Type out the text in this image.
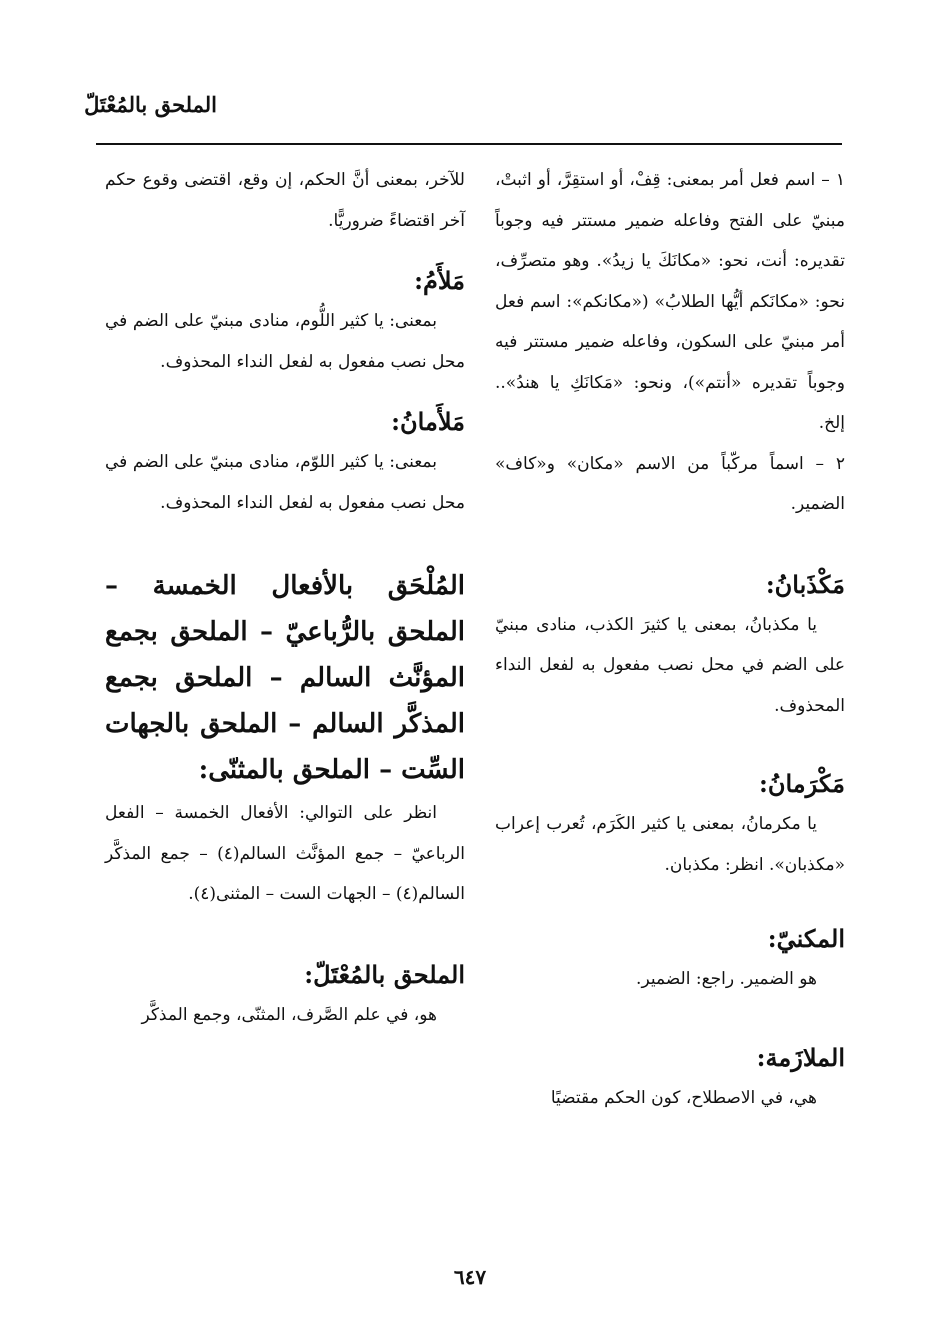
الملحق بالمُعْتَلّ

١ – اسم فعل أمر بمعنى: قِفْ، أو استقِرَّ، أو اثبتْ، مبنيّ على الفتح وفاعله ضمير مستتر فيه وجوباً تقديره: أنت، نحو: «مكانَكَ يا زيدُ». وهو متصرِّف، نحو: «مكانَكم أيُّها الطلابُ» («مكانكم»: اسم فعل أمر مبنيّ على السكون، وفاعله ضمير مستتر فيه وجوباً تقديره «أنتم»)، ونحو: «مَكانَكِ يا هندُ».. إلخ.

٢ – اسماً مركّباً من الاسم «مكان» و«كاف» الضمير.

مَكْذَبانُ:

يا مكذبانُ، بمعنى يا كثيرَ الكذب، منادى مبنيّ على الضم في محل نصب مفعول به لفعل النداء المحذوف.

مَكْرَمانُ:

يا مكرمانُ، بمعنى يا كثير الكَرَم، تُعرب إعراب «مكذبان». انظر: مكذبان.

المكنيّ:

هو الضمير. راجع: الضمير.

الملازَمة:

هي، في الاصطلاح، كون الحكم مقتضيًا

للآخر، بمعنى أنَّ الحكم، إن وقع، اقتضى وقوع حكم آخر اقتضاءً ضروريًّا.

مَلأَمُ:

بمعنى: يا كثير اللُّوم، منادى مبنيّ على الضم في محل نصب مفعول به لفعل النداء المحذوف.

مَلأَمانُ:

بمعنى: يا كثير اللوّم، منادى مبنيّ على الضم في محل نصب مفعول به لفعل النداء المحذوف.

المُلْحَق بالأفعال الخمسة – الملحق بالرُّباعيّ – الملحق بجمع المؤنَّث السالم – الملحق بجمع المذكَّر السالم – الملحق بالجهات السِّت – الملحق بالمثنّى:

انظر على التوالي: الأفعال الخمسة – الفعل الرباعيّ – جمع المؤنَّث السالم(٤) – جمع المذكَّر السالم(٤) – الجهات الست – المثنى(٤).

الملحق بالمُعْتَلّ:

هو، في علم الصَّرف، المثنّى، وجمع المذكَّر

٦٤٧
